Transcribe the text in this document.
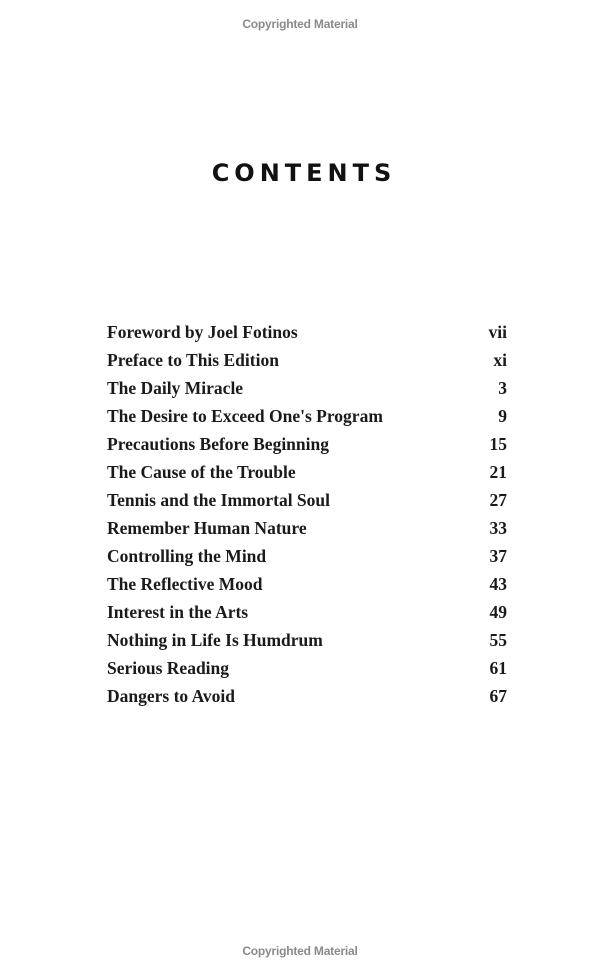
Copyrighted Material
CONTENTS
Foreword by Joel Fotinos	vii
Preface to This Edition	xi
The Daily Miracle	3
The Desire to Exceed One's Program	9
Precautions Before Beginning	15
The Cause of the Trouble	21
Tennis and the Immortal Soul	27
Remember Human Nature	33
Controlling the Mind	37
The Reflective Mood	43
Interest in the Arts	49
Nothing in Life Is Humdrum	55
Serious Reading	61
Dangers to Avoid	67
Copyrighted Material
